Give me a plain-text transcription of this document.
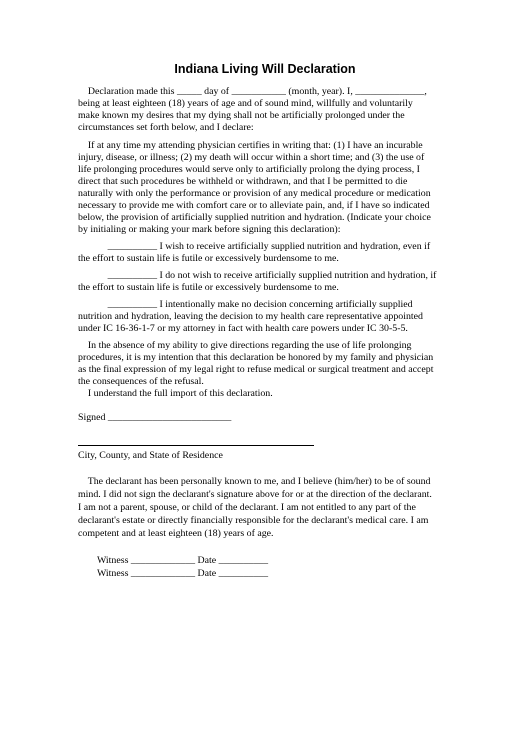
Indiana Living Will Declaration
Declaration made this _____ day of ___________ (month, year). I, ______________,
being at least eighteen (18) years of age and of sound mind, willfully and voluntarily
make known my desires that my dying shall not be artificially prolonged under the
circumstances set forth below, and I declare:
If at any time my attending physician certifies in writing that: (1) I have an incurable
injury, disease, or illness; (2) my death will occur within a short time; and (3) the use of
life prolonging procedures would serve only to artificially prolong the dying process, I
direct that such procedures be withheld or withdrawn, and that I be permitted to die
naturally with only the performance or provision of any medical procedure or medication
necessary to provide me with comfort care or to alleviate pain, and, if I have so indicated
below, the provision of artificially supplied nutrition and hydration. (Indicate your choice
by initialing or making your mark before signing this declaration):
__________ I wish to receive artificially supplied nutrition and hydration, even if
the effort to sustain life is futile or excessively burdensome to me.
__________ I do not wish to receive artificially supplied nutrition and hydration, if
the effort to sustain life is futile or excessively burdensome to me.
__________ I intentionally make no decision concerning artificially supplied
nutrition and hydration, leaving the decision to my health care representative appointed
under IC 16-36-1-7 or my attorney in fact with health care powers under IC 30-5-5.
In the absence of my ability to give directions regarding the use of life prolonging
procedures, it is my intention that this declaration be honored by my family and physician
as the final expression of my legal right to refuse medical or surgical treatment and accept
the consequences of the refusal.
I understand the full import of this declaration.
Signed _________________________
City, County, and State of Residence
The declarant has been personally known to me, and I believe (him/her) to be of sound
mind. I did not sign the declarant's signature above for or at the direction of the declarant.
I am not a parent, spouse, or child of the declarant. I am not entitled to any part of the
declarant's estate or directly financially responsible for the declarant's medical care. I am
competent and at least eighteen (18) years of age.
Witness _____________ Date __________
Witness _____________ Date __________
